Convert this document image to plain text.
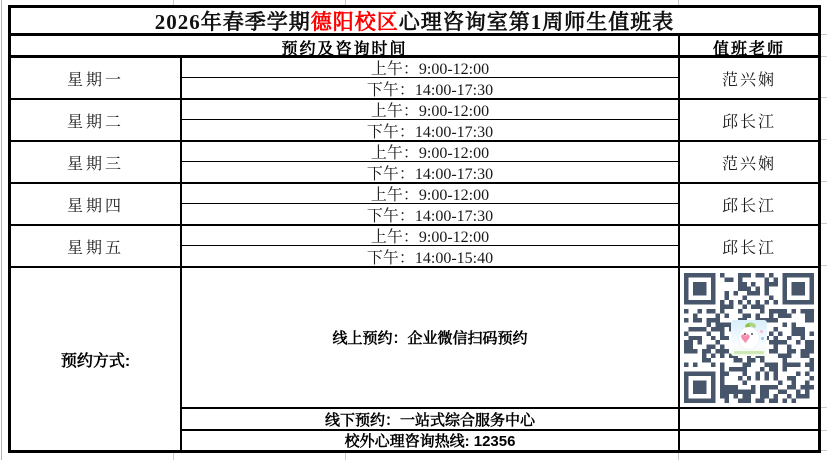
2026年春季学期 德阳校区 心理咨询室第1周师生值班表
预约及咨询时间	值班老师
星期一
上午：9:00-12:00
下午：14:00-17:30
范兴娴
星期二
上午：9:00-12:00
下午：14:00-17:30
邱长江
星期三
上午：9:00-12:00
下午：14:00-17:30
范兴娴
星期四
上午：9:00-12:00
下午：14:00-17:30
邱长江
星期五
上午：9:00-12:00
下午：14:00-15:40
邱长江
预约方式:
线上预约：企业微信扫码预约	♥
线下预约：一站式综合服务中心
校外心理咨询热线: 12356
